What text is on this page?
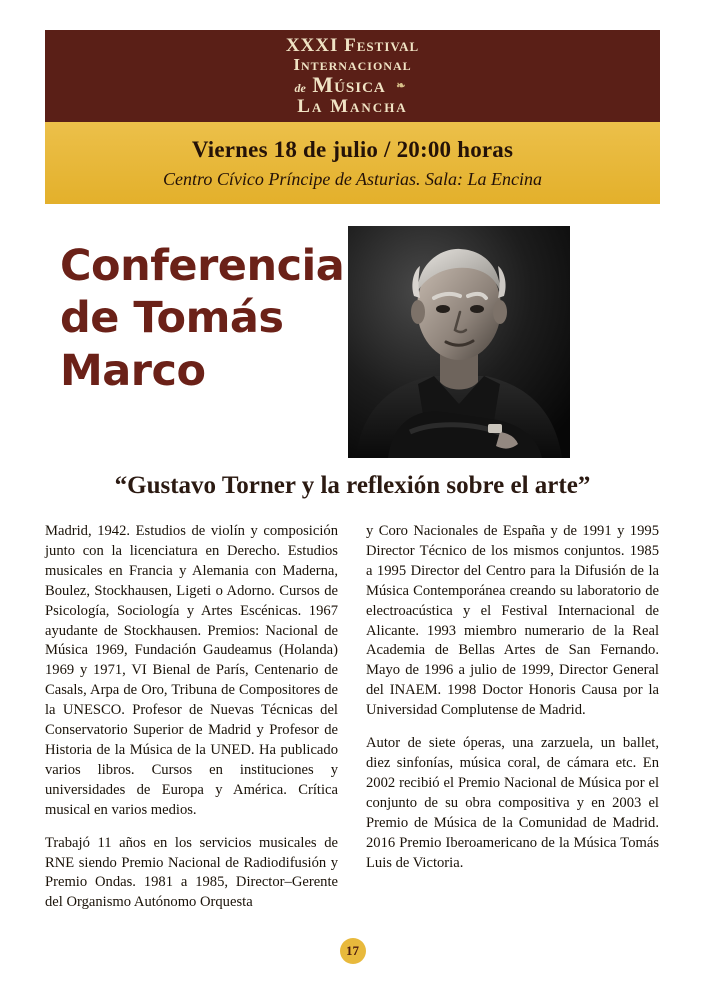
XXXI Festival
Internacional
de Música ❧
La Mancha
Viernes 18 de julio / 20:00 horas
Centro Cívico Príncipe de Asturias. Sala: La Encina
Conferencia
de Tomás
Marco
“Gustavo Torner y la reflexión sobre el arte”

Madrid, 1942. Estudios de violín y composición junto con la licenciatura en Derecho. Estudios musicales en Francia y Alemania con Maderna, Boulez, Stockhausen, Ligeti o Adorno. Cursos de Psicología, Sociología y Artes Escénicas. 1967 ayudante de Stockhausen. Premios: Nacional de Música 1969, Fundación Gaudeamus (Holanda) 1969 y 1971, VI Bienal de París, Centenario de Casals, Arpa de Oro, Tribuna de Compositores de la UNESCO. Profesor de Nuevas Técnicas del Conservatorio Superior de Madrid y Profesor de Historia de la Música de la UNED. Ha publicado varios libros. Cursos en instituciones y universidades de Europa y América. Crítica musical en varios medios.

Trabajó 11 años en los servicios musicales de RNE siendo Premio Nacional de Radiodifusión y Premio Ondas. 1981 a 1985, Director–Gerente del Organismo Autónomo Orquesta

y Coro Nacionales de España y de 1991 y 1995 Director Técnico de los mismos conjuntos. 1985 a 1995 Director del Centro para la Difusión de la Música Contemporánea creando su laboratorio de electroacústica y el Festival Internacional de Alicante. 1993 miembro numerario de la Real Academia de Bellas Artes de San Fernando. Mayo de 1996 a julio de 1999, Director General del INAEM. 1998 Doctor Honoris Causa por la Universidad Complutense de Madrid.

Autor de siete óperas, una zarzuela, un ballet, diez sinfonías, música coral, de cámara etc. En 2002 recibió el Premio Nacional de Música por el conjunto de su obra compositiva y en 2003 el Premio de Música de la Comunidad de Madrid. 2016 Premio Iberoamericano de la Música Tomás Luis de Victoria.

17
